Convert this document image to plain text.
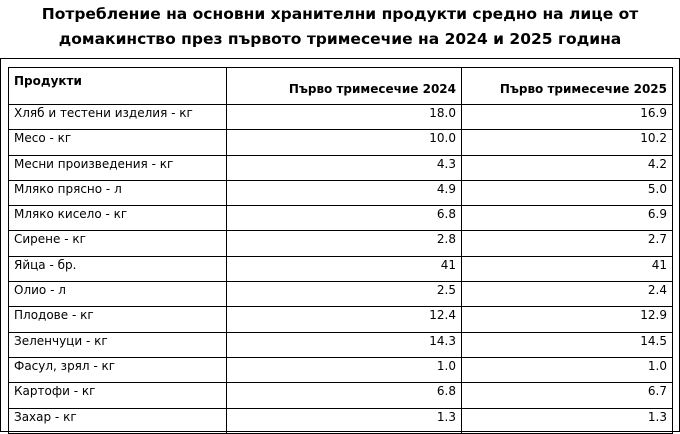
Потребление на основни хранителни продукти средно на лице от
домакинство през първото тримесечие на 2024 и 2025 година
Продукти	Първо тримесечие 2024	Първо тримесечие 2025
Хляб и тестени изделия - кг	18.0	16.9
Месо - кг	10.0	10.2
Месни произведения - кг	4.3	4.2
Мляко прясно - л	4.9	5.0
Мляко кисело - кг	6.8	6.9
Сирене - кг	2.8	2.7
Яйца - бр.	41	41
Олио - л	2.5	2.4
Плодове - кг	12.4	12.9
Зеленчуци - кг	14.3	14.5
Фасул, зрял - кг	1.0	1.0
Картофи - кг	6.8	6.7
Захар - кг	1.3	1.3
